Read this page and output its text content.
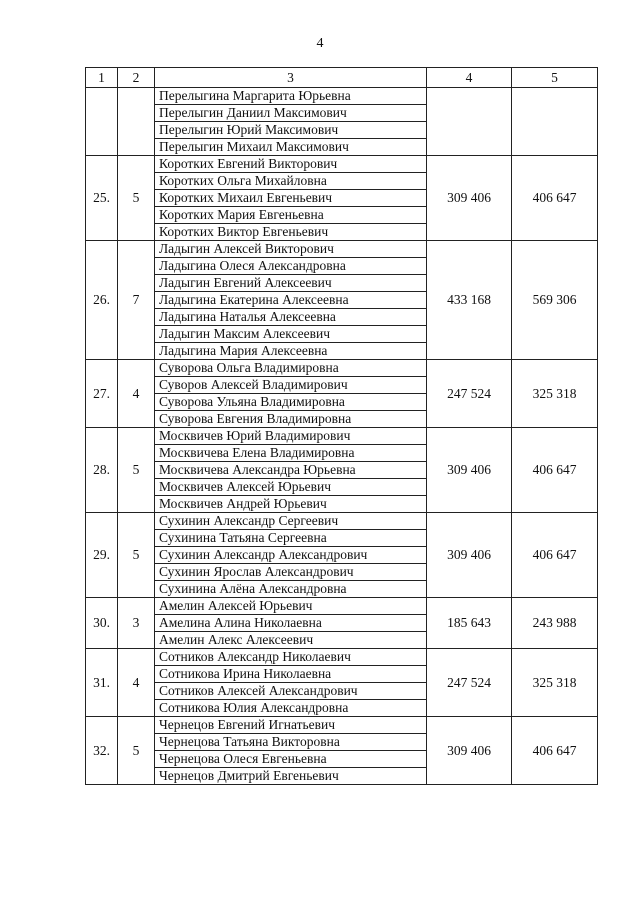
4
1	2	3	4	5
		Перелыгина Маргарита Юрьевна		
		Перелыгин Даниил Максимович		
		Перелыгин Юрий Максимович		
		Перелыгин Михаил Максимович		
25.	5	Коротких Евгений Викторович	309 406	406 647
		Коротких Ольга Михайловна		
		Коротких Михаил Евгеньевич		
		Коротких Мария Евгеньевна		
		Коротких Виктор Евгеньевич		
26.	7	Ладыгин Алексей Викторович	433 168	569 306
		Ладыгина Олеся Александровна		
		Ладыгин Евгений Алексеевич		
		Ладыгина Екатерина Алексеевна		
		Ладыгина Наталья Алексеевна		
		Ладыгин Максим Алексеевич		
		Ладыгина Мария Алексеевна		
27.	4	Суворова Ольга Владимировна	247 524	325 318
		Суворов Алексей Владимирович		
		Суворова Ульяна Владимировна		
		Суворова Евгения Владимировна		
28.	5	Москвичев Юрий Владимирович	309 406	406 647
		Москвичева Елена Владимировна		
		Москвичева Александра Юрьевна		
		Москвичев Алексей Юрьевич		
		Москвичев Андрей Юрьевич		
29.	5	Сухинин Александр Сергеевич	309 406	406 647
		Сухинина Татьяна Сергеевна		
		Сухинин Александр Александрович		
		Сухинин Ярослав Александрович		
		Сухинина Алёна Александровна		
30.	3	Амелин Алексей Юрьевич	185 643	243 988
		Амелина Алина Николаевна		
		Амелин Алекс Алексеевич		
31.	4	Сотников Александр Николаевич	247 524	325 318
		Сотникова Ирина Николаевна		
		Сотников Алексей Александрович		
		Сотникова Юлия Александровна		
32.	5	Чернецов Евгений Игнатьевич	309 406	406 647
		Чернецова Татьяна Викторовна		
		Чернецова Олеся Евгеньевна		
		Чернецов Дмитрий Евгеньевич		
